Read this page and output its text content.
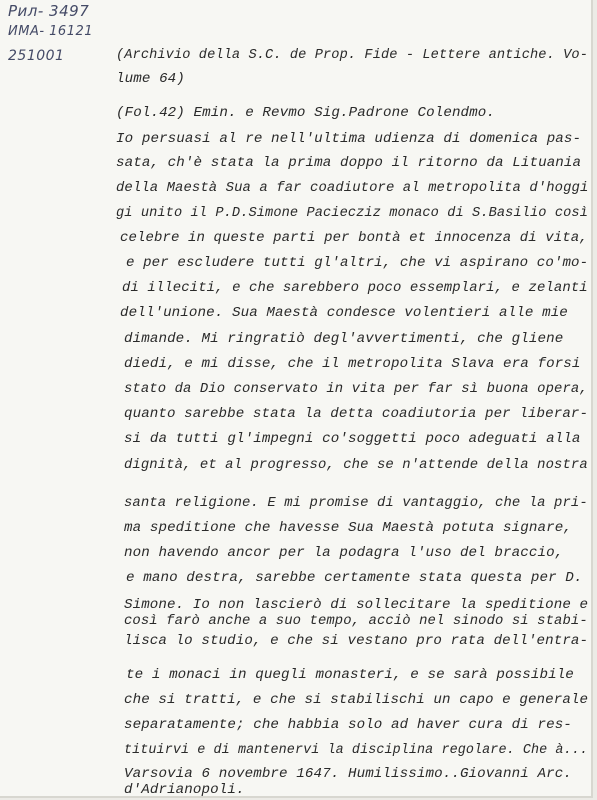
Рил- 3497
ИМА- 16121
251001	(Archivio della S.C. de Prop. Fide - Lettere antiche. Vo-
lume 64)
(Fol.42) Emin. e Revmo Sig.Padrone Colendmo.
Io persuasi al re nell'ultima udienza di domenica pas-
sata, ch'è stata la prima doppo il ritorno da Lituania
della Maestà Sua a far coadiutore al metropolita d'hoggi
gi unito il P.D.Simone Paciecziz monaco di S.Basilio così
celebre in queste parti per bontà et innocenza di vita,
e per escludere tutti gl'altri, che vi aspirano co'mo-
di illeciti, e che sarebbero poco essemplari, e zelanti
dell'unione. Sua Maestà condesce volentieri alle mie
dimande. Mi ringratiò degl'avvertimenti, che gliene
diedi, e mi disse, che il metropolita Slava era forsi
stato da Dio conservato in vita per far sì buona opera,
quanto sarebbe stata la detta coadiutoria per liberar-
si da tutti gl'impegni co'soggetti poco adeguati alla
dignità, et al progresso, che se n'attende della nostra
santa religione. E mi promise di vantaggio, che la pri-
ma speditione che havesse Sua Maestà potuta signare,
non havendo ancor per la podagra l'uso del braccio,
e mano destra, sarebbe certamente stata questa per D.
Simone. Io non lascierò di sollecitare la speditione e
così farò anche a suo tempo, acciò nel sinodo si stabi-
lisca lo studio, e che si vestano pro rata dell'entra-
te i monaci in quegli monasteri, e se sarà possibile
che si tratti, e che si stabilischi un capo e generale
separatamente; che habbia solo ad haver cura di res-
tituirvi e di mantenervi la disciplina regolare. Che à...
Varsovia 6 novembre 1647. Humilissimo..Giovanni Arc.
d'Adrianopoli.
